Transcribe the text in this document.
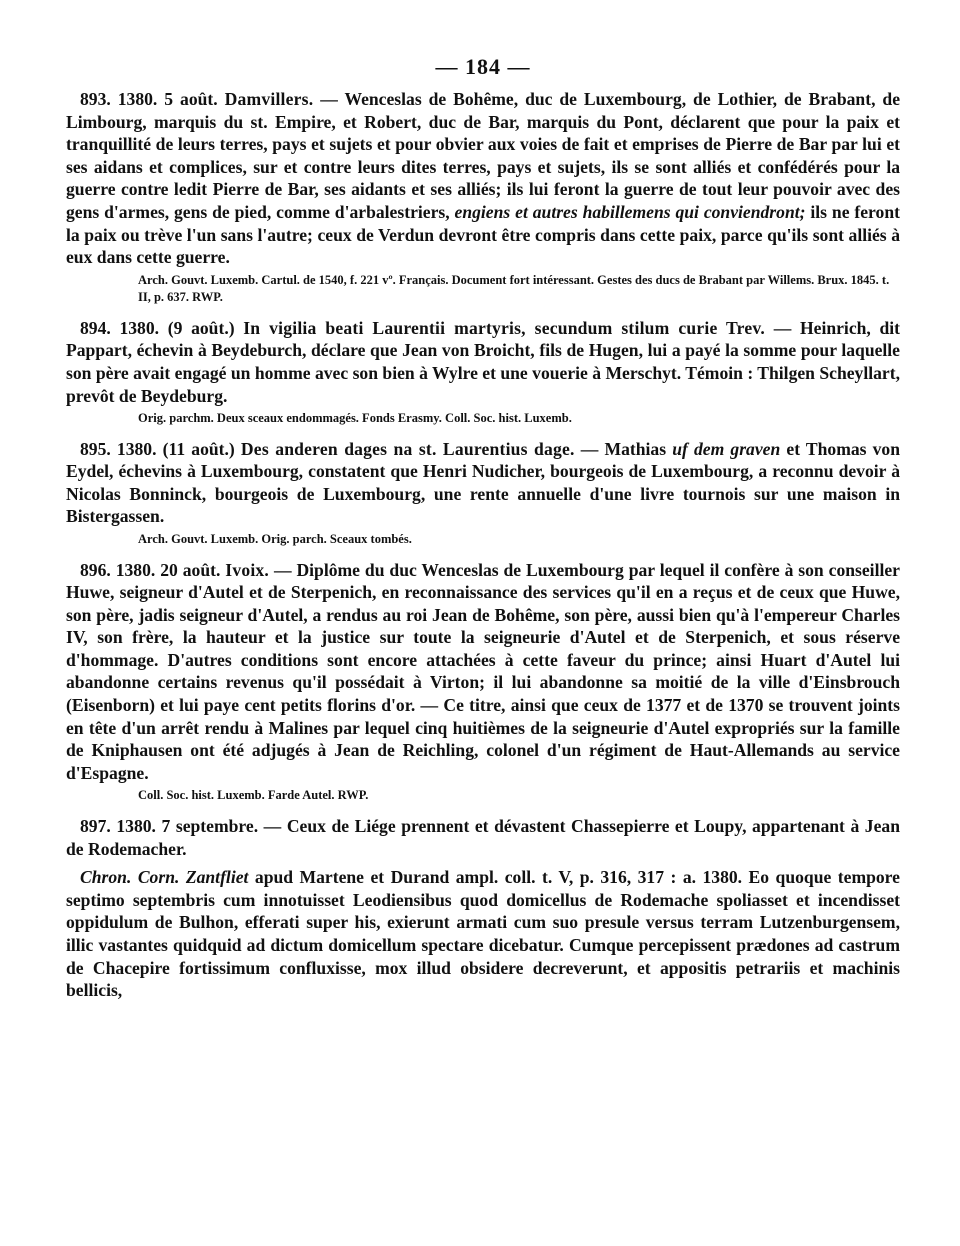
— 184 —

893. 1380. 5 août. Damvillers. — Wenceslas de Bohême, duc de Luxembourg, de Lothier, de Brabant, de Limbourg, marquis du st. Empire, et Robert, duc de Bar, marquis du Pont, déclarent que pour la paix et tranquillité de leurs terres, pays et sujets et pour obvier aux voies de fait et emprises de Pierre de Bar par lui et ses aidans et complices, sur et contre leurs dites terres, pays et sujets, ils se sont alliés et confédérés pour la guerre contre ledit Pierre de Bar, ses aidants et ses alliés; ils lui feront la guerre de tout leur pouvoir avec des gens d'armes, gens de pied, comme d'arbalestriers, engiens et autres habillemens qui conviendront; ils ne feront la paix ou trève l'un sans l'autre; ceux de Verdun devront être compris dans cette paix, parce qu'ils sont alliés à eux dans cette guerre.

Arch. Gouvt. Luxemb. Cartul. de 1540, f. 221 vº. Français. Document fort intéressant. Gestes des ducs de Brabant par Willems. Brux. 1845. t. II, p. 637. RWP.

894. 1380. (9 août.) In vigilia beati Laurentii martyris, secundum stilum curie Trev. — Heinrich, dit Pappart, échevin à Beydeburch, déclare que Jean von Broicht, fils de Hugen, lui a payé la somme pour laquelle son père avait engagé un homme avec son bien à Wylre et une vouerie à Merschyt. Témoin : Thilgen Scheyllart, prevôt de Beydeburg.

Orig. parchm. Deux sceaux endommagés. Fonds Erasmy. Coll. Soc. hist. Luxemb.

895. 1380. (11 août.) Des anderen dages na st. Laurentius dage. — Mathias uf dem graven et Thomas von Eydel, échevins à Luxembourg, constatent que Henri Nudicher, bourgeois de Luxembourg, a reconnu devoir à Nicolas Bonninck, bourgeois de Luxembourg, une rente annuelle d'une livre tournois sur une maison in Bistergassen.

Arch. Gouvt. Luxemb. Orig. parch. Sceaux tombés.

896. 1380. 20 août. Ivoix. — Diplôme du duc Wenceslas de Luxembourg par lequel il confère à son conseiller Huwe, seigneur d'Autel et de Sterpenich, en reconnaissance des services qu'il en a reçus et de ceux que Huwe, son père, jadis seigneur d'Autel, a rendus au roi Jean de Bohême, son père, aussi bien qu'à l'empereur Charles IV, son frère, la hauteur et la justice sur toute la seigneurie d'Autel et de Sterpenich, et sous réserve d'hommage. D'autres conditions sont encore attachées à cette faveur du prince; ainsi Huart d'Autel lui abandonne certains revenus qu'il possédait à Virton; il lui abandonne sa moitié de la ville d'Einsbrouch (Eisenborn) et lui paye cent petits florins d'or. — Ce titre, ainsi que ceux de 1377 et de 1370 se trouvent joints en tête d'un arrêt rendu à Malines par lequel cinq huitièmes de la seigneurie d'Autel expropriés sur la famille de Kniphausen ont été adjugés à Jean de Reichling, colonel d'un régiment de Haut-Allemands au service d'Espagne.

Coll. Soc. hist. Luxemb. Farde Autel. RWP.

897. 1380. 7 septembre. — Ceux de Liége prennent et dévastent Chassepierre et Loupy, appartenant à Jean de Rodemacher.

Chron. Corn. Zantfliet apud Martene et Durand ampl. coll. t. V, p. 316, 317 : a. 1380. Eo quoque tempore septimo septembris cum innotuisset Leodiensibus quod domicellus de Rodemache spoliasset et incendisset oppidulum de Bulhon, efferati super his, exierunt armati cum suo presule versus terram Lutzenburgensem, illic vastantes quidquid ad dictum domicellum spectare dicebatur. Cumque percepissent prædones ad castrum de Chacepire fortissimum confluxisse, mox illud obsidere decreverunt, et appositis petrariis et machinis bellicis,
